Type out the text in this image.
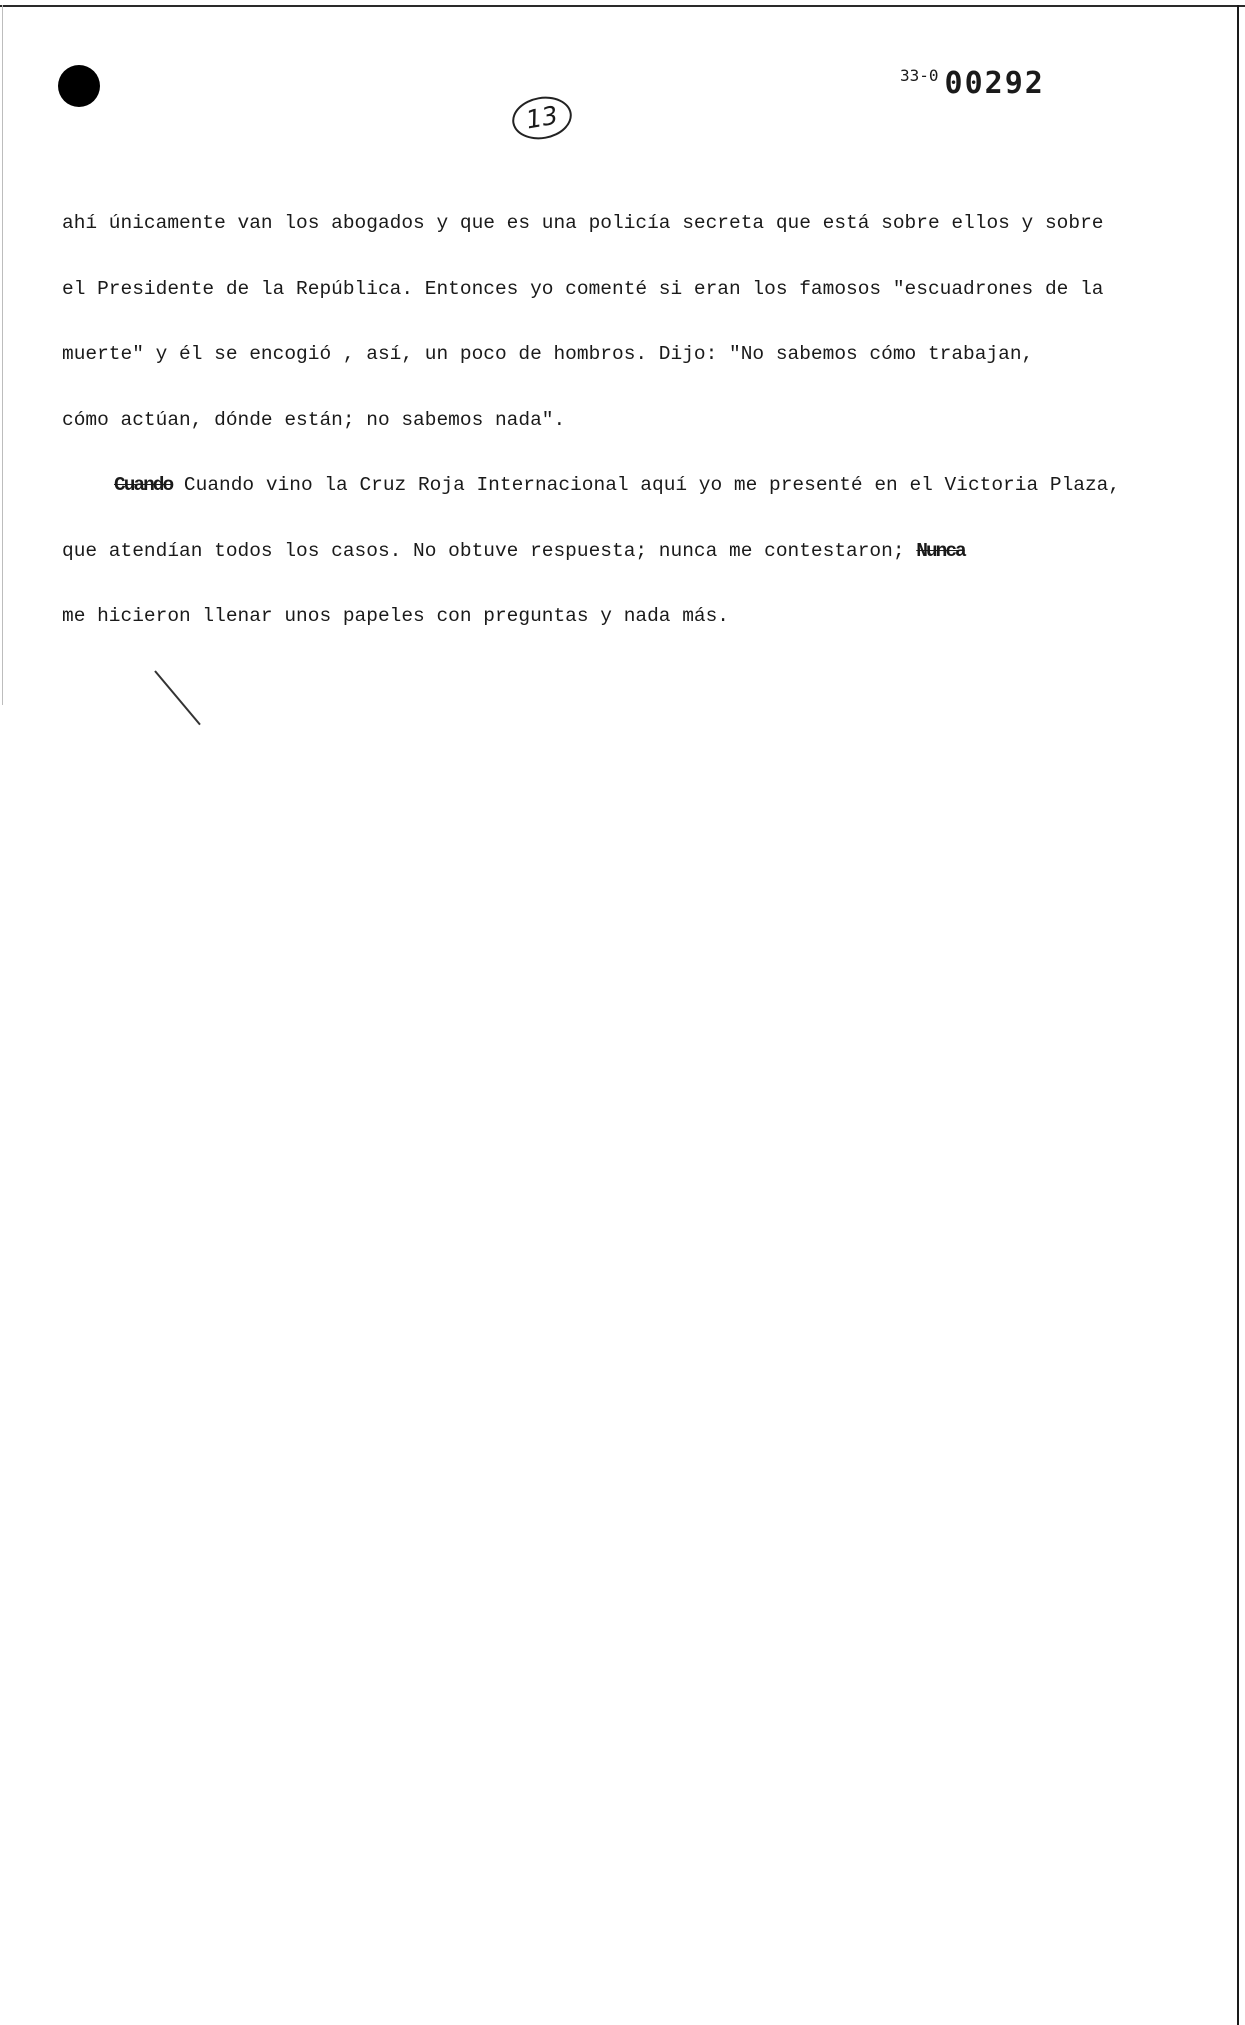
13
33-0 00292
ahí únicamente van los abogados y que es una policía secreta que está sobre ellos y sobre
el Presidente de la República. Entonces yo comenté si eran los famosos "escuadrones de la
muerte" y él se encogió , así, un poco de hombros. Dijo: "No sabemos cómo trabajan,
cómo actúan, dónde están; no sabemos nada".
Cuando Cuando vino la Cruz Roja Internacional aquí yo me presenté en el Victoria Plaza,
que atendían todos los casos. No obtuve respuesta; nunca me contestaron; Nunca
me hicieron llenar unos papeles con preguntas y nada más.
